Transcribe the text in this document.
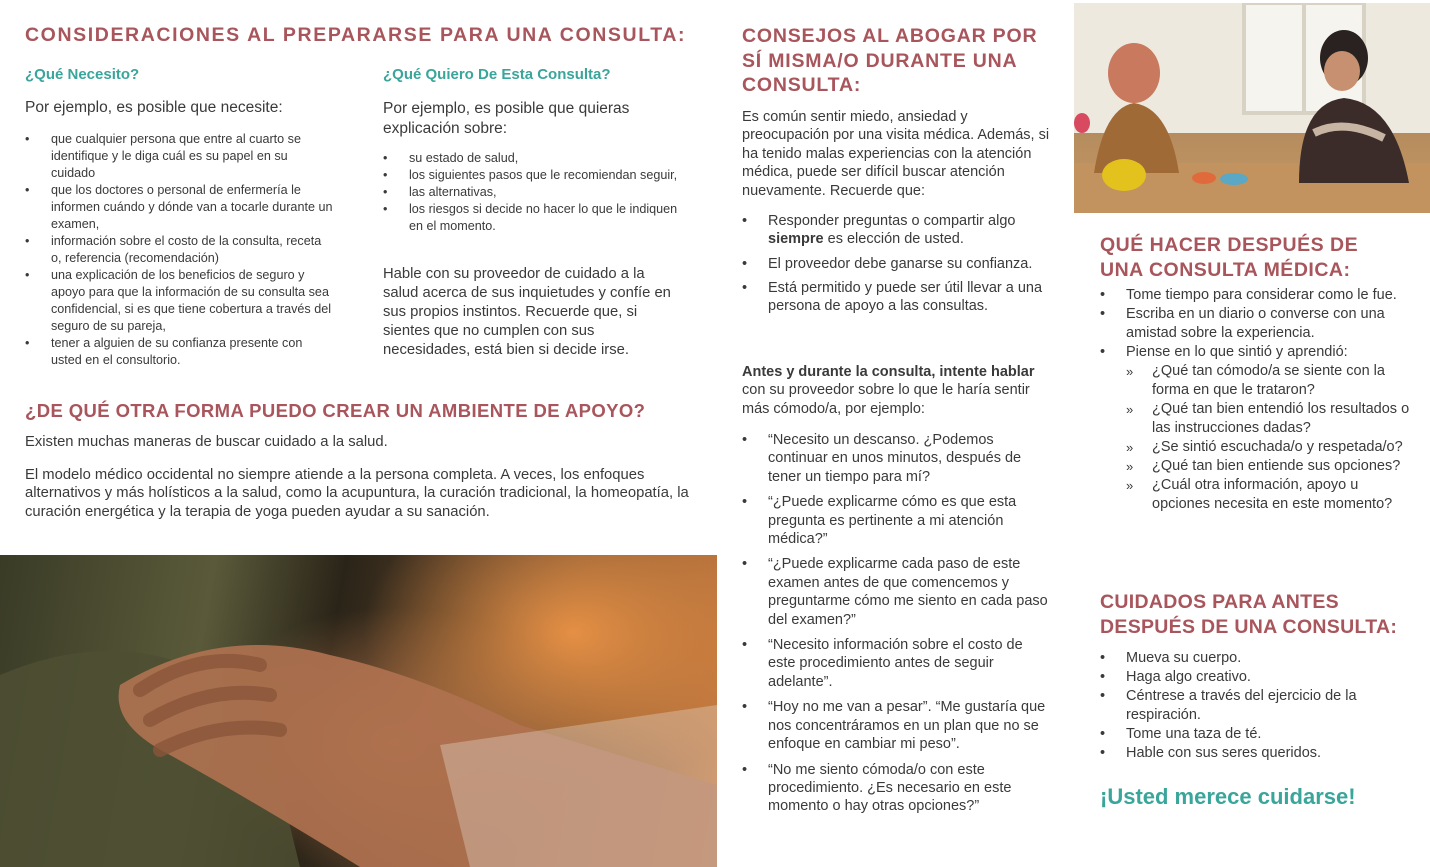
CONSIDERACIONES AL PREPARARSE PARA UNA CONSULTA:
¿Qué Necesito?
Por ejemplo, es posible que necesite:
• que cualquier persona que entre al cuarto se identifique y le diga cuál es su papel en su cuidado
• que los doctores o personal de enfermería le informen cuándo y dónde van a tocarle durante un examen,
• información sobre el costo de la consulta, receta o, referencia (recomendación)
• una explicación de los beneficios de seguro y apoyo para que la información de su consulta sea confidencial, si es que tiene cobertura a través del seguro de su pareja,
• tener a alguien de su confianza presente con usted en el consultorio.
¿Qué Quiero De Esta Consulta?
Por ejemplo, es posible que quieras explicación sobre:
• su estado de salud,
• los siguientes pasos que le recomiendan seguir,
• las alternativas,
• los riesgos si decide no hacer lo que le indiquen en el momento.
Hable con su proveedor de cuidado a la salud acerca de sus inquietudes y confíe en sus propios instintos. Recuerde que, si sientes que no cumplen con sus necesidades, está bien si decide irse.
¿DE QUÉ OTRA FORMA PUEDO CREAR UN AMBIENTE DE APOYO?
Existen muchas maneras de buscar cuidado a la salud.
El modelo médico occidental no siempre atiende a la persona completa. A veces, los enfoques alternativos y más holísticos a la salud, como la acupuntura, la curación tradicional, la homeopatía, la curación energética y la terapia de yoga pueden ayudar a su sanación.
CONSEJOS AL ABOGAR POR SÍ MISMA/O DURANTE UNA CONSULTA:
Es común sentir miedo, ansiedad y preocupación por una visita médica. Además, si ha tenido malas experiencias con la atención médica, puede ser difícil buscar atención nuevamente. Recuerde que:
• Responder preguntas o compartir algo siempre es elección de usted.
• El proveedor debe ganarse su confianza.
• Está permitido y puede ser útil llevar a una persona de apoyo a las consultas.
Antes y durante la consulta, intente hablar con su proveedor sobre lo que le haría sentir más cómodo/a, por ejemplo:
• “Necesito un descanso. ¿Podemos continuar en unos minutos, después de tener un tiempo para mí?
• “¿Puede explicarme cómo es que esta pregunta es pertinente a mi atención médica?”
• “¿Puede explicarme cada paso de este examen antes de que comencemos y preguntarme cómo me siento en cada paso del examen?”
• “Necesito información sobre el costo de este procedimiento antes de seguir adelante”.
• “Hoy no me van a pesar”. “Me gustaría que nos concentráramos en un plan que no se enfoque en cambiar mi peso”.
• “No me siento cómoda/o con este procedimiento. ¿Es necesario en este momento o hay otras opciones?”
QUÉ HACER DESPUÉS DE UNA CONSULTA MÉDICA:
• Tome tiempo para considerar como le fue.
• Escriba en un diario o converse con una amistad sobre la experiencia.
• Piense en lo que sintió y aprendió:
» ¿Qué tan cómodo/a se siente con la forma en que le trataron?
» ¿Qué tan bien entendió los resultados o las instrucciones dadas?
» ¿Se sintió escuchada/o y respetada/o?
» ¿Qué tan bien entiende sus opciones?
» ¿Cuál otra información, apoyo u opciones necesita en este momento?
CUIDADOS PARA ANTES DESPUÉS DE UNA CONSULTA:
• Mueva su cuerpo.
• Haga algo creativo.
• Céntrese a través del ejercicio de la respiración.
• Tome una taza de té.
• Hable con sus seres queridos.
¡Usted merece cuidarse!
